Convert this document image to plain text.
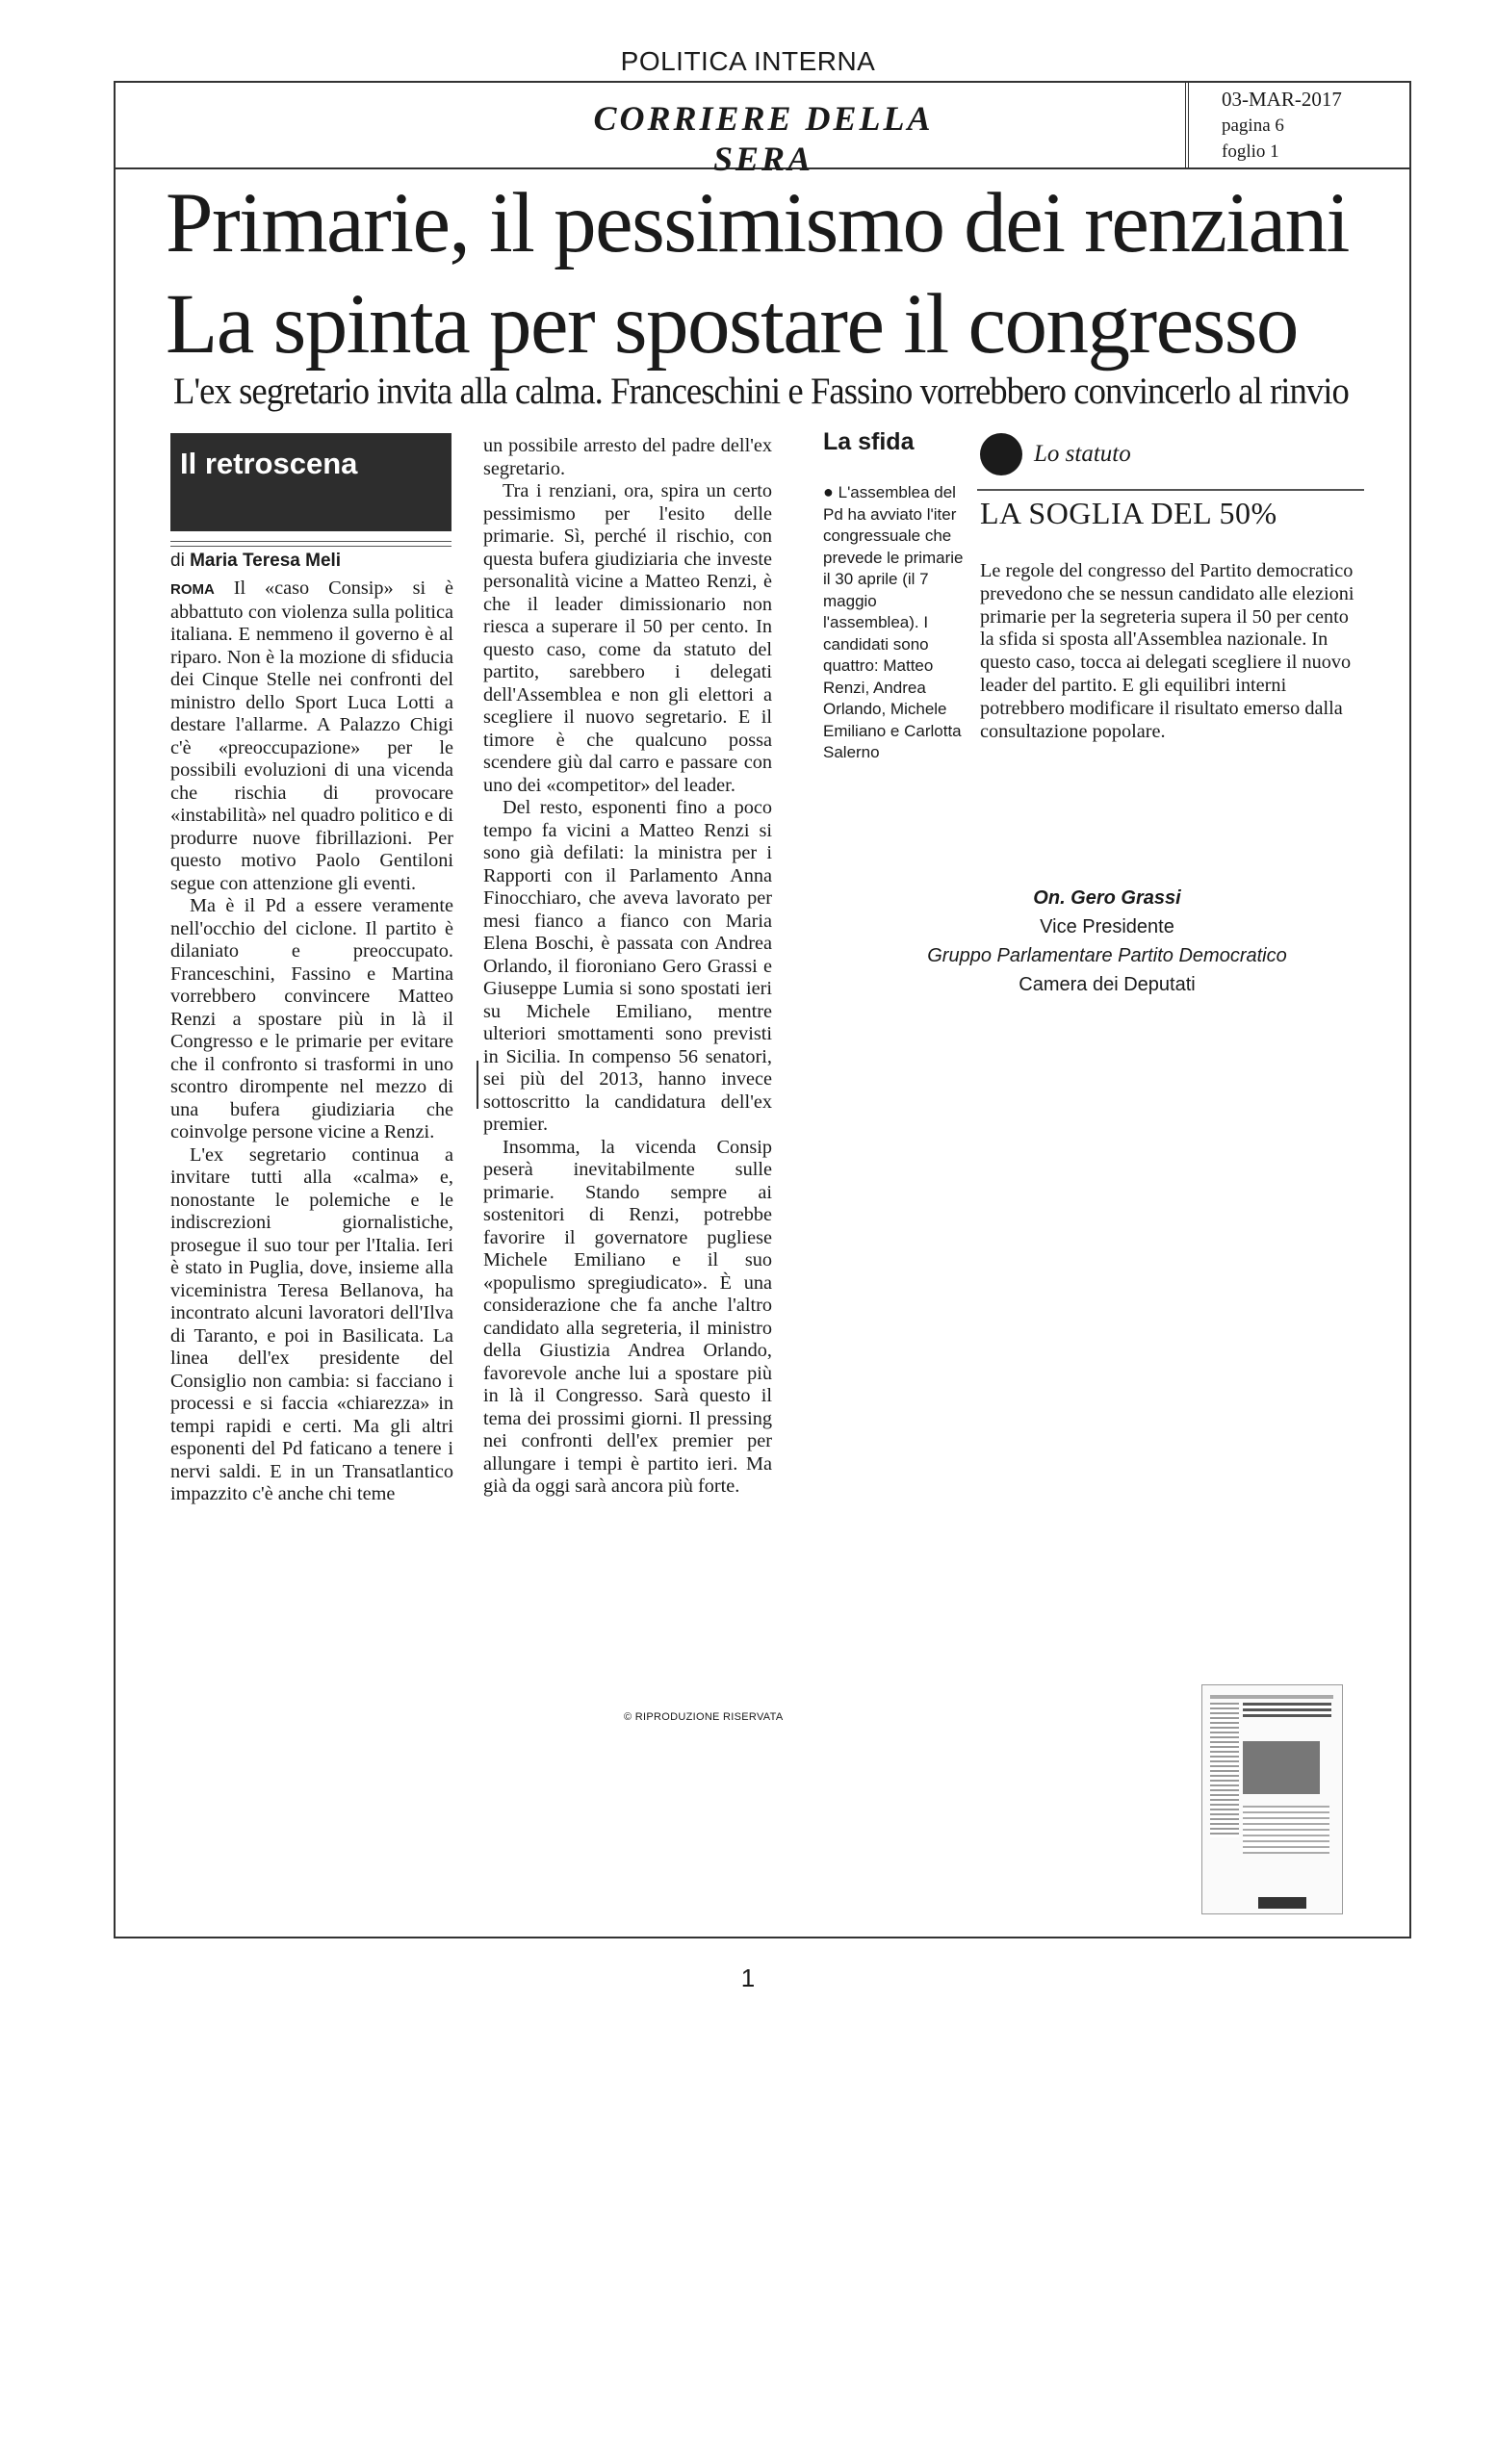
POLITICA INTERNA
CORRIERE DELLA SERA
03-MAR-2017
pagina 6
foglio 1
Primarie, il pessimismo dei renziani
La spinta per spostare il congresso
L'ex segretario invita alla calma. Franceschini e Fassino vorrebbero convincerlo al rinvio
Il retroscena
di Maria Teresa Meli

ROMA Il «caso Consip» si è abbattuto con violenza sulla politica italiana. E nemmeno il governo è al riparo. Non è la mozione di sfiducia dei Cinque Stelle nei confronti del ministro dello Sport Luca Lotti a destare l'allarme. A Palazzo Chigi c'è «preoccupazione» per le possibili evoluzioni di una vicenda che rischia di provocare «instabilità» nel quadro politico e di produrre nuove fibrillazioni. Per questo motivo Paolo Gentiloni segue con attenzione gli eventi.

Ma è il Pd a essere veramente nell'occhio del ciclone. Il partito è dilaniato e preoccupato. Franceschini, Fassino e Martina vorrebbero convincere Matteo Renzi a spostare più in là il Congresso e le primarie per evitare che il confronto si trasformi in uno scontro dirompente nel mezzo di una bufera giudiziaria che coinvolge persone vicine a Renzi.

L'ex segretario continua a invitare tutti alla «calma» e, nonostante le polemiche e le indiscrezioni giornalistiche, prosegue il suo tour per l'Italia. Ieri è stato in Puglia, dove, insieme alla viceministra Teresa Bellanova, ha incontrato alcuni lavoratori dell'Ilva di Taranto, e poi in Basilicata. La linea dell'ex presidente del Consiglio non cambia: si facciano i processi e si faccia «chiarezza» in tempi rapidi e certi. Ma gli altri esponenti del Pd faticano a tenere i nervi saldi. E in un Transatlantico impazzito c'è anche chi teme

un possibile arresto del padre dell'ex segretario.

Tra i renziani, ora, spira un certo pessimismo per l'esito delle primarie. Sì, perché il rischio, con questa bufera giudiziaria che investe personalità vicine a Matteo Renzi, è che il leader dimissionario non riesca a superare il 50 per cento. In questo caso, come da statuto del partito, sarebbero i delegati dell'Assemblea e non gli elettori a scegliere il nuovo segretario. E il timore è che qualcuno possa scendere giù dal carro e passare con uno dei «competitor» del leader.

Del resto, esponenti fino a poco tempo fa vicini a Matteo Renzi si sono già defilati: la ministra per i Rapporti con il Parlamento Anna Finocchiaro, che aveva lavorato per mesi fianco a fianco con Maria Elena Boschi, è passata con Andrea Orlando, il fioroniano Gero Grassi e Giuseppe Lumia si sono spostati ieri su Michele Emiliano, mentre ulteriori smottamenti sono previsti in Sicilia. In compenso 56 senatori, sei più del 2013, hanno invece sottoscritto la candidatura dell'ex premier.

Insomma, la vicenda Consip peserà inevitabilmente sulle primarie. Stando sempre ai sostenitori di Renzi, potrebbe favorire il governatore pugliese Michele Emiliano e il suo «populismo spregiudicato». È una considerazione che fa anche l'altro candidato alla segreteria, il ministro della Giustizia Andrea Orlando, favorevole anche lui a spostare più in là il Congresso. Sarà questo il tema dei prossimi giorni. Il pressing nei confronti dell'ex premier per allungare i tempi è partito ieri. Ma già da oggi sarà ancora più forte.

© RIPRODUZIONE RISERVATA
La sfida
● L'assemblea del Pd ha avviato l'iter congressuale che prevede le primarie il 30 aprile (il 7 maggio l'assemblea). I candidati sono quattro: Matteo Renzi, Andrea Orlando, Michele Emiliano e Carlotta Salerno
Lo statuto
LA SOGLIA DEL 50%
Le regole del congresso del Partito democratico prevedono che se nessun candidato alle elezioni primarie per la segreteria supera il 50 per cento la sfida si sposta all'Assemblea nazionale. In questo caso, tocca ai delegati scegliere il nuovo leader del partito. E gli equilibri interni potrebbero modificare il risultato emerso dalla consultazione popolare.
On. Gero Grassi
Vice Presidente
Gruppo Parlamentare Partito Democratico
Camera dei Deputati
1
